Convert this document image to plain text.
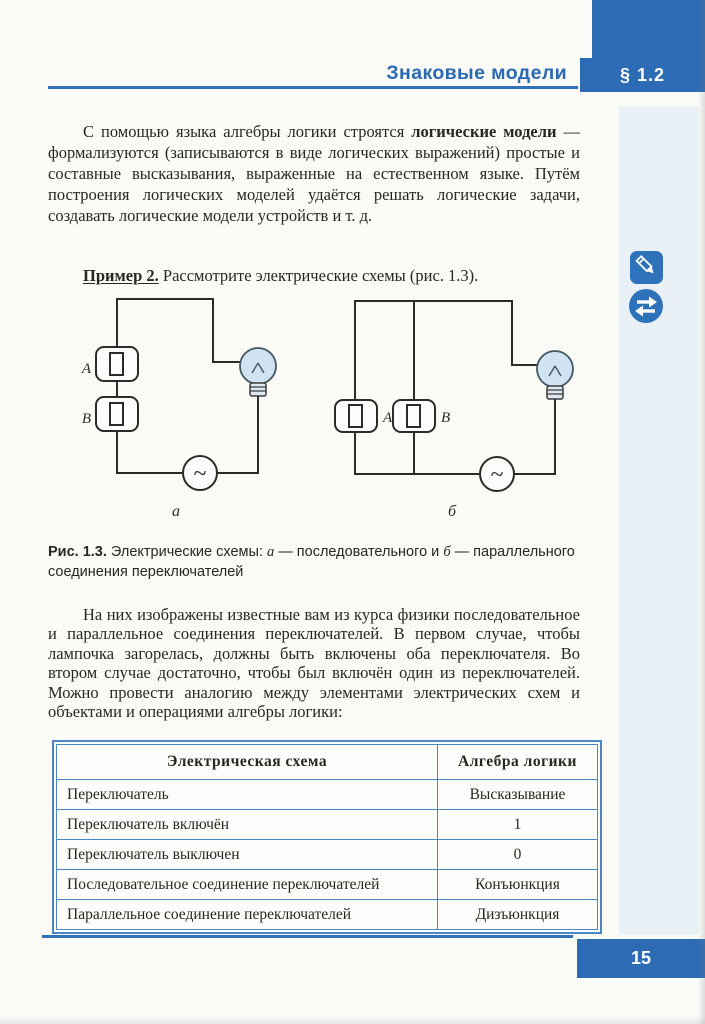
Знаковые модели	§ 1.2

С помощью языка алгебры логики строятся логические модели — формализуются (записываются в виде логических выражений) простые и составные высказывания, выраженные на естественном языке. Путём построения логических моделей удаётся решать логические задачи, создавать логические модели устройств и т. д.

Пример 2. Рассмотрите электрические схемы (рис. 1.3).

A
B
~
а
A	B
~
б

Рис. 1.3. Электрические схемы: а — последовательного и б — параллельного соединения переключателей

На них изображены известные вам из курса физики последовательное и параллельное соединения переключателей. В первом случае, чтобы лампочка загорелась, должны быть включены оба переключателя. Во втором случае достаточно, чтобы был включён один из переключателей. Можно провести аналогию между элементами электрических схем и объектами и операциями алгебры логики:

Электрическая схема	Алгебра логики
Переключатель	Высказывание
Переключатель включён	1
Переключатель выключен	0
Последовательное соединение переключателей	Конъюнкция
Параллельное соединение переключателей	Дизъюнкция
15
